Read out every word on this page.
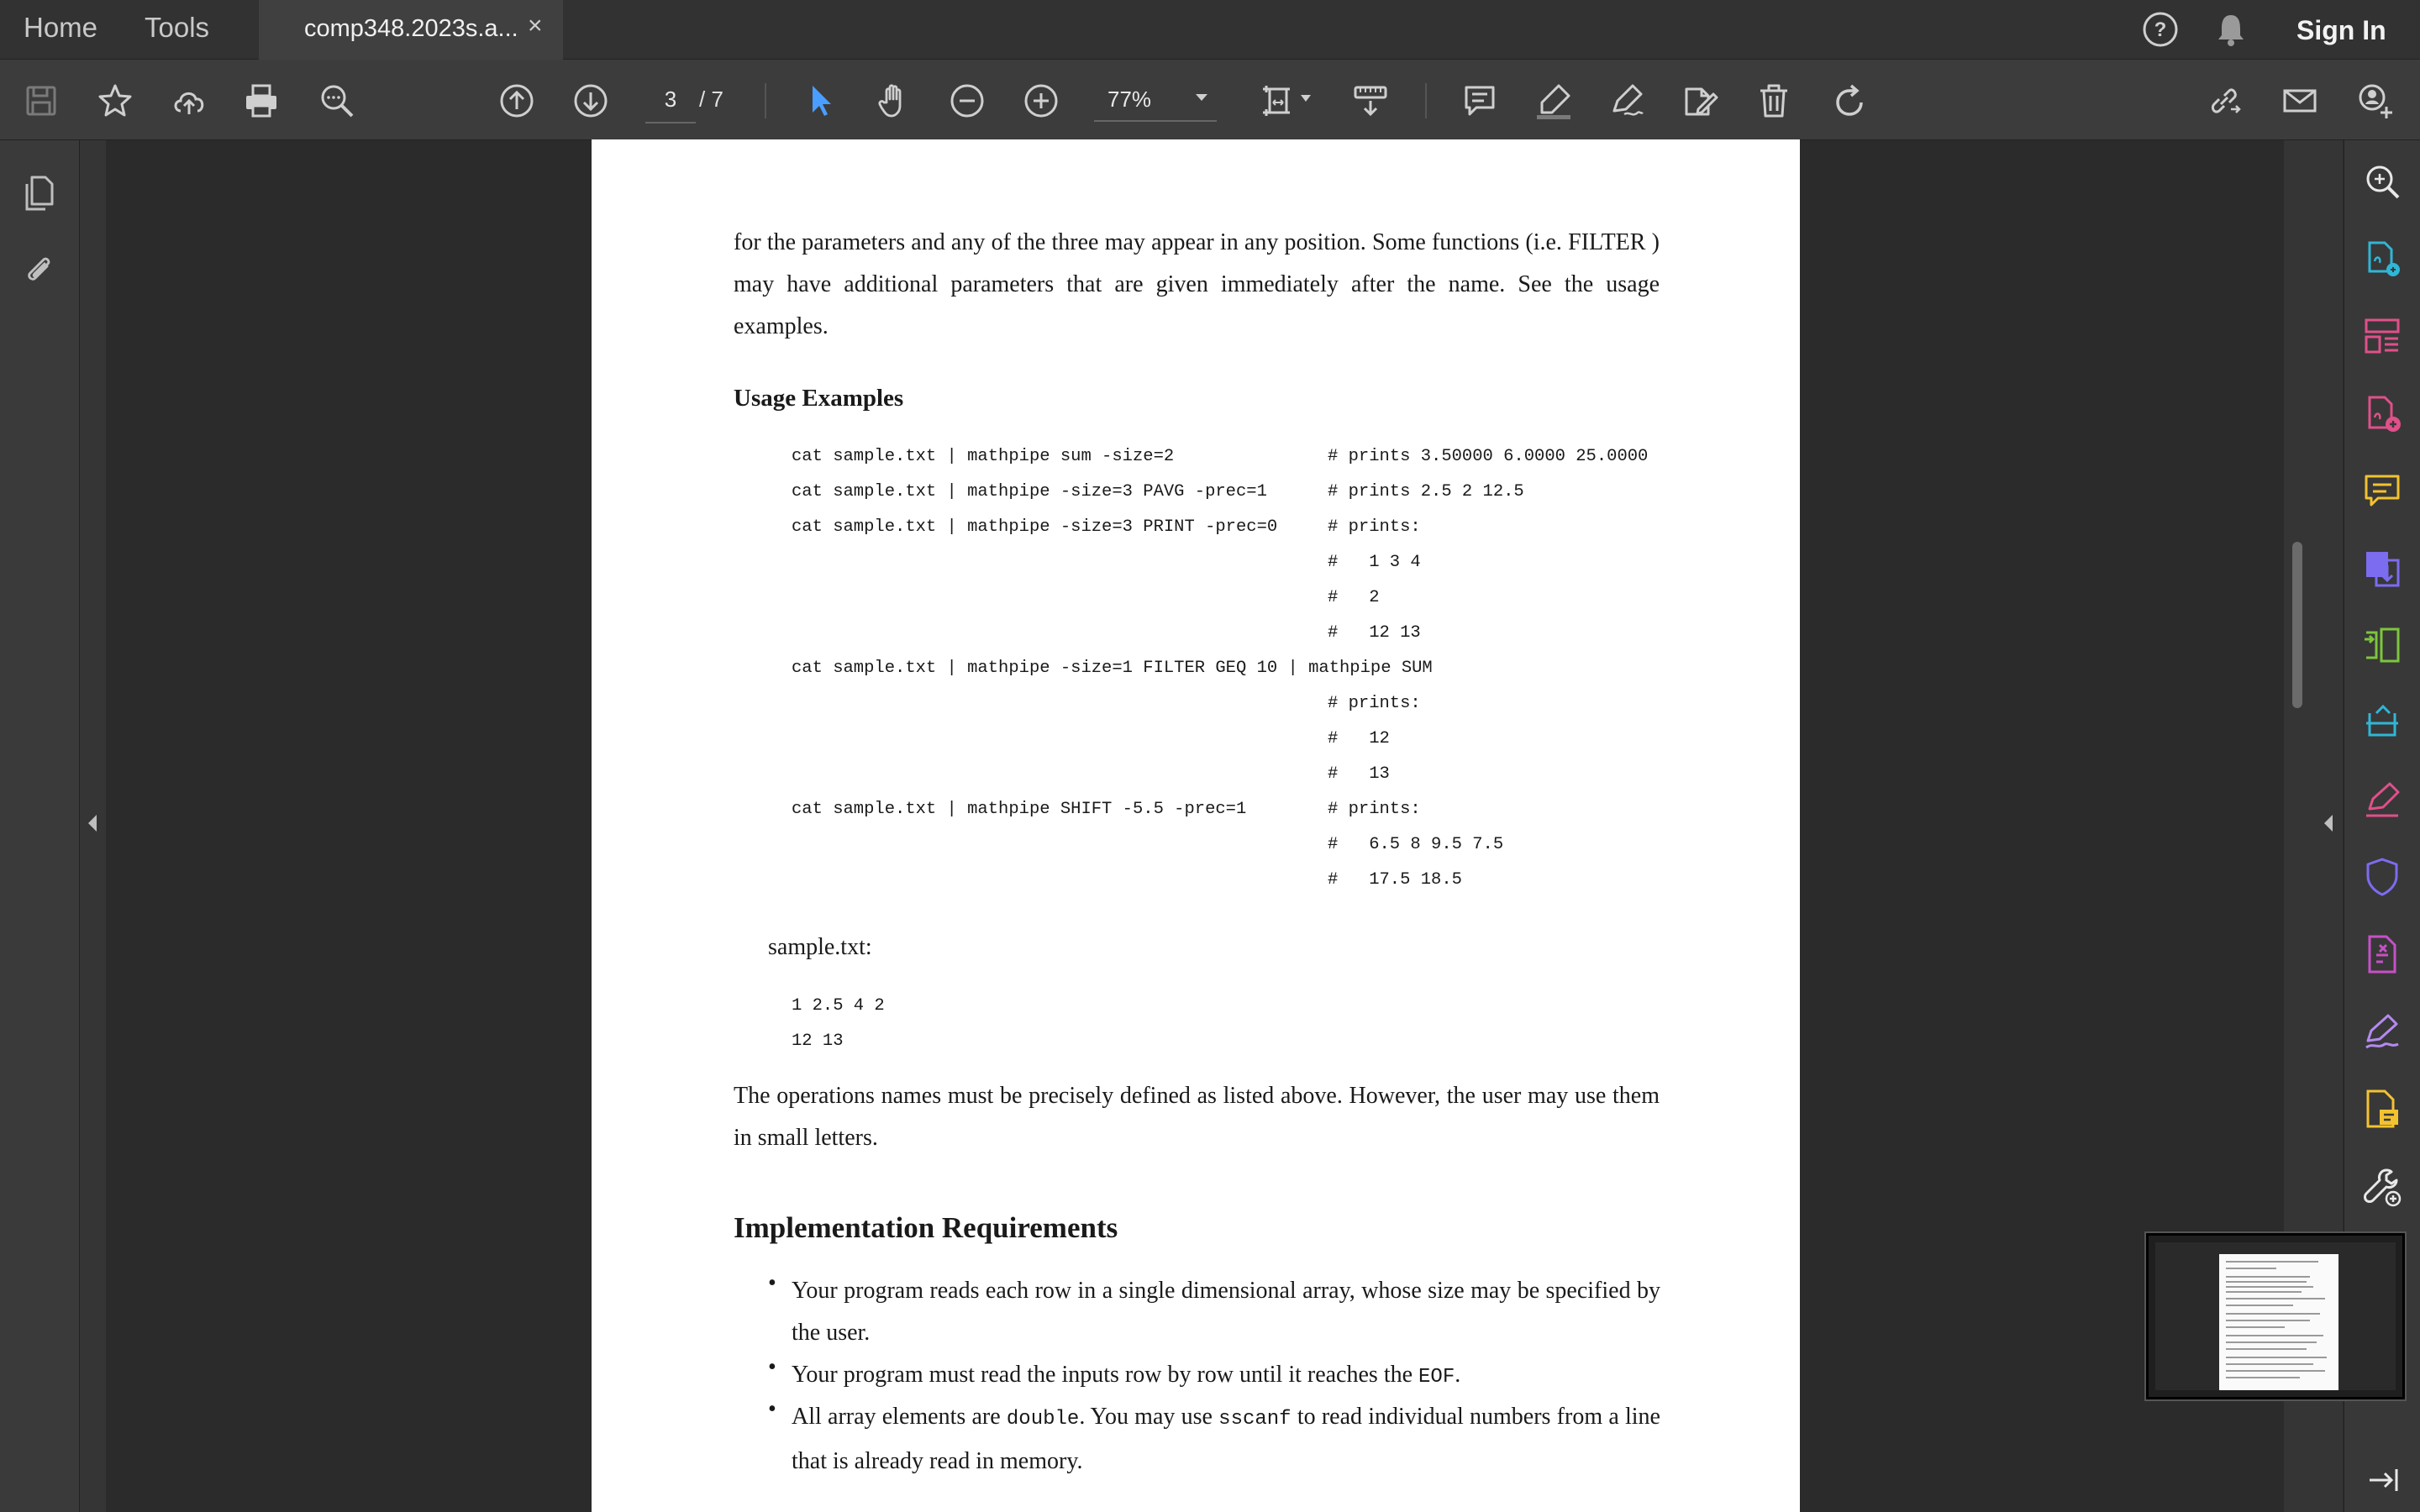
Home Tools	comp348.2023s.a... ×	?	Sign In
3
/ 7	77%
for the parameters and any of the three may appear in any position. Some functions (i.e. FILTER ) may have additional parameters that are given immediately after the name. See the usage examples.
Usage Examples
cat sample.txt | mathpipe sum -size=2	# prints 3.50000 6.0000 25.0000
cat sample.txt | mathpipe -size=3 PAVG -prec=1	# prints 2.5 2 12.5
cat sample.txt | mathpipe -size=3 PRINT -prec=0	# prints:
#   1 3 4
#   2
#   12 13
cat sample.txt | mathpipe -size=1 FILTER GEQ 10 | mathpipe SUM
# prints:
#   12
#   13
cat sample.txt | mathpipe SHIFT -5.5 -prec=1	# prints:
#   6.5 8 9.5 7.5
#   17.5 18.5
sample.txt:
1 2.5 4 2
12 13
The operations names must be precisely defined as listed above. However, the user may use them in small letters.
Implementation Requirements
• Your program reads each row in a single dimensional array, whose size may be specified by the user.
• Your program must read the inputs row by row until it reaches the EOF.
• All array elements are double. You may use sscanf to read individual numbers from a line that is already read in memory.
